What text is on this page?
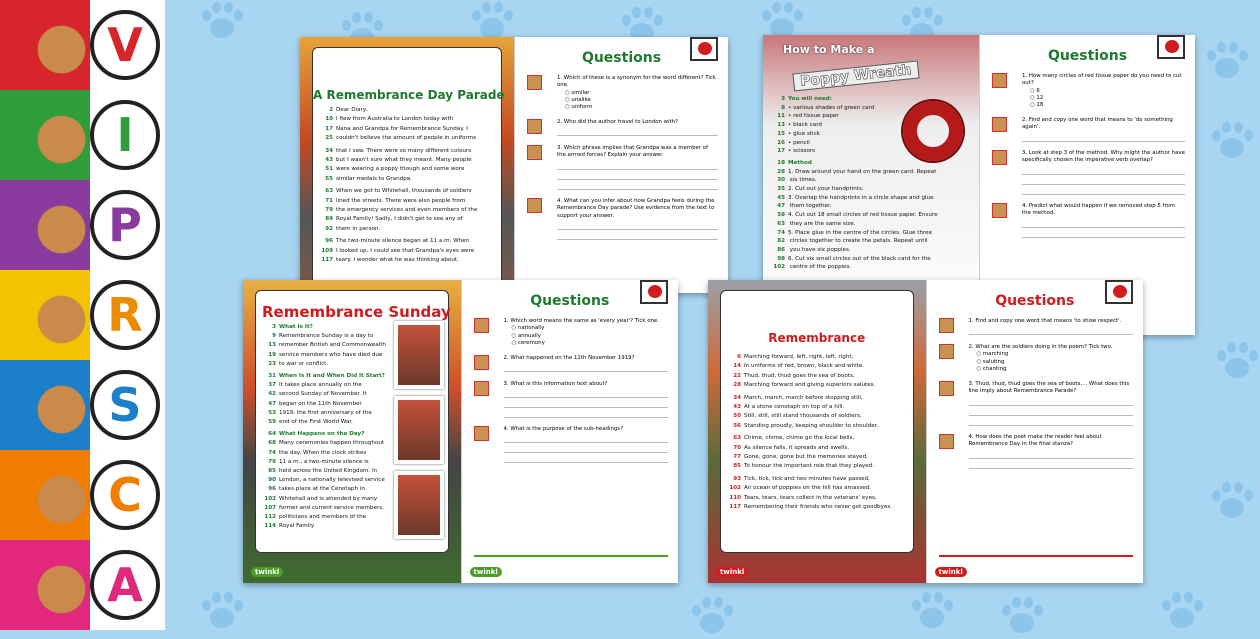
V
I
P
R
S
C
A
A Remembrance Day Parade
2 Dear Diary,
10 I flew from Australia to London today with
17 Nana and Grandpa for Remembrance Sunday. I
25 couldn't believe the amount of people in uniforms
34 that I saw. There were so many different colours
43 but I wasn't sure what they meant. Many people
51 were wearing a poppy though and some wore
55 similar medals to Grandpa.
63 When we got to Whitehall, thousands of soldiers
71 lined the streets. There were also people from
79 the emergency services and even members of the
89 Royal Family! Sadly, I didn't get to see any of
92 them in person.
96 The two-minute silence began at 11 a.m. When
109 I looked up, I could see that Grandpa's eyes were
117 teary. I wonder what he was thinking about.
Questions
1. Which of these is a synonym for the word different? Tick one.
○ similar
○ unalike
○ uniform
2. Who did the author travel to London with?
3. Which phrase implies that Grandpa was a member of the armed forces? Explain your answer.
4. What can you infer about how Grandpa feels during the Remembrance Day parade? Use evidence from the text to support your answer.
How to Make a
Poppy Wreath
3 You will need:
8 • various shades of green card
11 • red tissue paper
13 • black card
15 • glue stick
16 • pencil
17 • scissors
18 Method
28 1. Draw around your hand on the green card. Repeat
30 six times.
35 2. Cut out your handprints.
45 3. Overlap the handprints in a circle shape and glue
47 them together.
58 4. Cut out 18 small circles of red tissue paper. Ensure
63 they are the same size.
74 5. Place glue in the centre of the circles. Glue three
82 circles together to create the petals. Repeat until
86 you have six poppies.
98 6. Cut six small circles out of the black card for the
102 centre of the poppies.
Questions
1. How many circles of red tissue paper do you need to cut out?
○ 6
○ 12
○ 18
2. Find and copy one word that means to 'do something again'.
3. Look at step 3 of the method. Why might the author have specifically chosen the imperative verb overlap?
4. Predict what would happen if we removed step 5 from the method.
Remembrance Sunday
3 What Is It?
9 Remembrance Sunday is a day to
13 remember British and Commonwealth
19 service members who have died due
23 to war or conflict.
31 When Is It and When Did It Start?
37 It takes place annually on the
42 second Sunday of November. It
47 began on the 11th November
53 1919: the first anniversary of the
59 end of the First World War.
64 What Happens on the Day?
68 Many ceremonies happen throughout
74 the day. When the clock strikes
79 11 a.m., a two-minute silence is
85 held across the United Kingdom. In
90 London, a nationally televised service
96 takes place at the Cenotaph in
102 Whitehall and is attended by many
107 former and current service members,
112 politicians and members of the
114 Royal Family.
twinkl
Questions
twinkl
1. Which word means the same as 'every year'? Tick one.
○ nationally
○ annually
○ ceremony
2. What happened on the 11th November 1919?
3. What is this information text about?
4. What is the purpose of the sub-headings?
Remembrance
6 Marching forward, left, right, left, right,
14 In uniforms of red, brown, black and white.
22 Thud, thud, thud goes the sea of boots,
28 Marching forward and giving superiors salutes.
34 March, march, march before stopping still,
43 At a stone cenotaph on top of a hill.
50 Still, still, still stand thousands of soldiers,
56 Standing proudly, keeping shoulder to shoulder.
63 Chime, chime, chime go the local bells,
70 As silence falls, it spreads and swells.
77 Gone, gone, gone but the memories stayed,
85 To honour the important role that they played.
93 Tick, tick, tick and two minutes have passed,
102 An ocean of poppies on the hill has amassed.
110 Tears, tears, tears collect in the veterans' eyes,
117 Remembering their friends who never got goodbyes.
twinkl
Questions
twinkl
1. Find and copy one word that means 'to show respect'.
2. What are the soldiers doing in the poem? Tick two.
○ marching
○ saluting
○ chanting
3. Thud, thud, thud goes the sea of boots,... What does this line imply about Remembrance Parade?
4. How does the poet make the reader feel about Remembrance Day in the final stanza?
